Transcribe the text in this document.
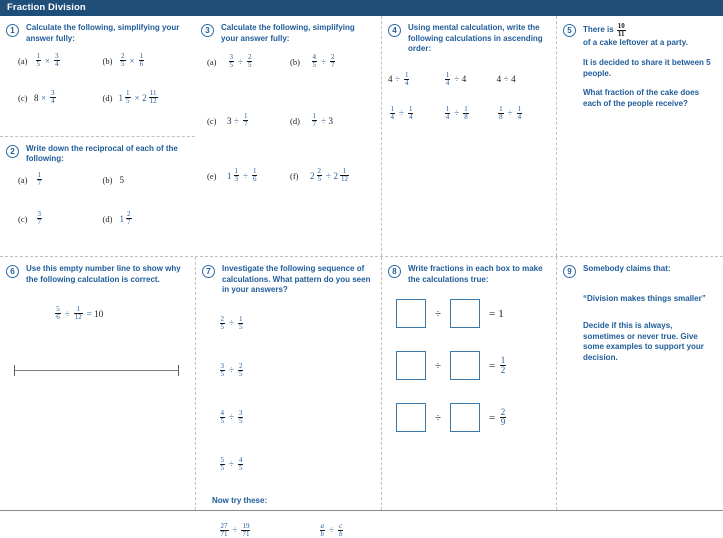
Fraction Division
1	Calculate the following, simplifying your answer fully:
(a)	$\frac{1}{5} \times \frac{3}{4}$	(b)	$\frac{2}{5} \times \frac{1}{6}$
(c) $8 \times \frac{3}{4}$	(d) $1 \frac{1}{5} \times 2 \frac{11}{12}$
2	Write down the reciprocal of each of the following:
(a)	$\frac{1}{7}$	(b) 5
(c)	$\frac{3}{7}$	(d) $1 \frac{2}{7}$
3	Calculate the following, simplifying your answer fully:
(a)	$\frac{3}{5} \div \frac{2}{5}$	(b)	$\frac{4}{5} \div \frac{2}{7}$
(c)	$3 \div \frac{1}{7}$	(d)	$\frac{1}{7} \div 3$
(e)	$1 \frac{1}{3} \div \frac{1}{6}$	(f)	$2 \frac{2}{5} \div 2 \frac{1}{12}$
4	Using mental calculation, write the following calculations in ascending order:
$4 \div \frac{1}{4}$	$\frac{1}{4} \div 4$	4 ÷ 4
$\frac{1}{4} \div \frac{1}{4}$	$\frac{1}{4} \div \frac{1}{8}$	$\frac{1}{8} \div \frac{1}{4}$
5	There is $\frac{10}{11}$
of a cake leftover at a party.
It is decided to share it between 5 people.
What fraction of the cake does each of the people receive?
6	Use this empty number line to show why the following calculation is correct.
$\frac{5}{6} \div \frac{1}{12} = 10$
7	Investigate the following sequence of calculations. What pattern do you seen in your answers?
$\frac{2}{5} \div \frac{1}{5}$
$\frac{3}{5} \div \frac{2}{5}$
$\frac{4}{5} \div \frac{3}{5}$
$\frac{5}{5} \div \frac{4}{5}$
Now try these:
$\frac{27}{71} \div \frac{19}{71}$	$\frac{a}{b} \div \frac{c}{b}$
8	Write fractions in each box to make the calculations true:
÷	= 1
÷	= $\frac{1}{2}$
÷	= $\frac{2}{9}$
9	Somebody claims that:
“Division makes things smaller”
Decide if this is always, sometimes or never true. Give some examples to support your decision.
